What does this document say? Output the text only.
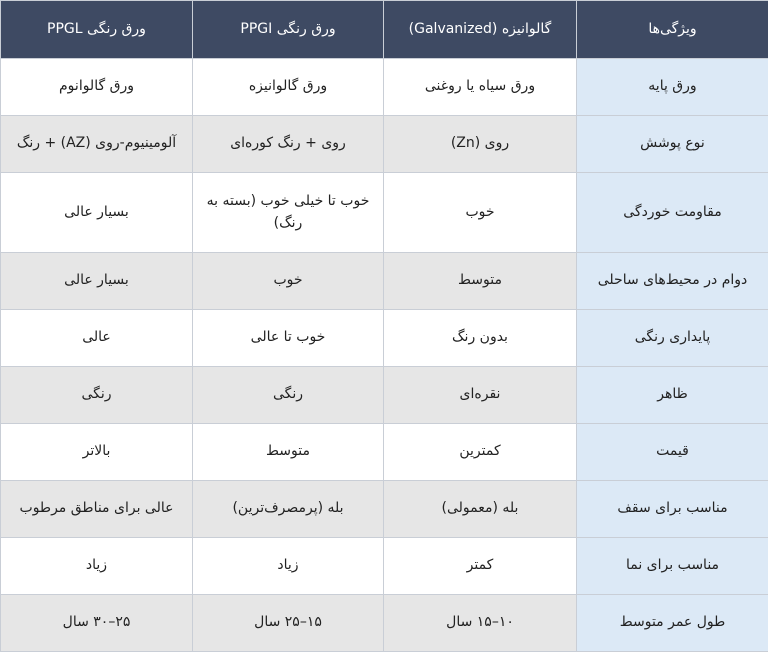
ویژگی‌ها	گالوانیزه (Galvanized)	ورق رنگی PPGI	ورق رنگی PPGL
ورق پایه	ورق سیاه یا روغنی	ورق گالوانیزه	ورق گالوانوم
نوع پوشش	روی (Zn)	روی + رنگ کوره‌ای	آلومینیوم-روی (AZ) + رنگ
مقاومت خوردگی	خوب	خوب تا خیلی خوب (بسته به رنگ)	بسیار عالی
دوام در محیط‌های ساحلی	متوسط	خوب	بسیار عالی
پایداری رنگی	بدون رنگ	خوب تا عالی	عالی
ظاهر	نقره‌ای	رنگی	رنگی
قیمت	کمترین	متوسط	بالاتر
مناسب برای سقف	بله (معمولی)	بله (پرمصرف‌ترین)	عالی برای مناطق مرطوب
مناسب برای نما	کمتر	زیاد	زیاد
طول عمر متوسط	۱۰–۱۵ سال	۱۵–۲۵ سال	۲۵–۳۰ سال
